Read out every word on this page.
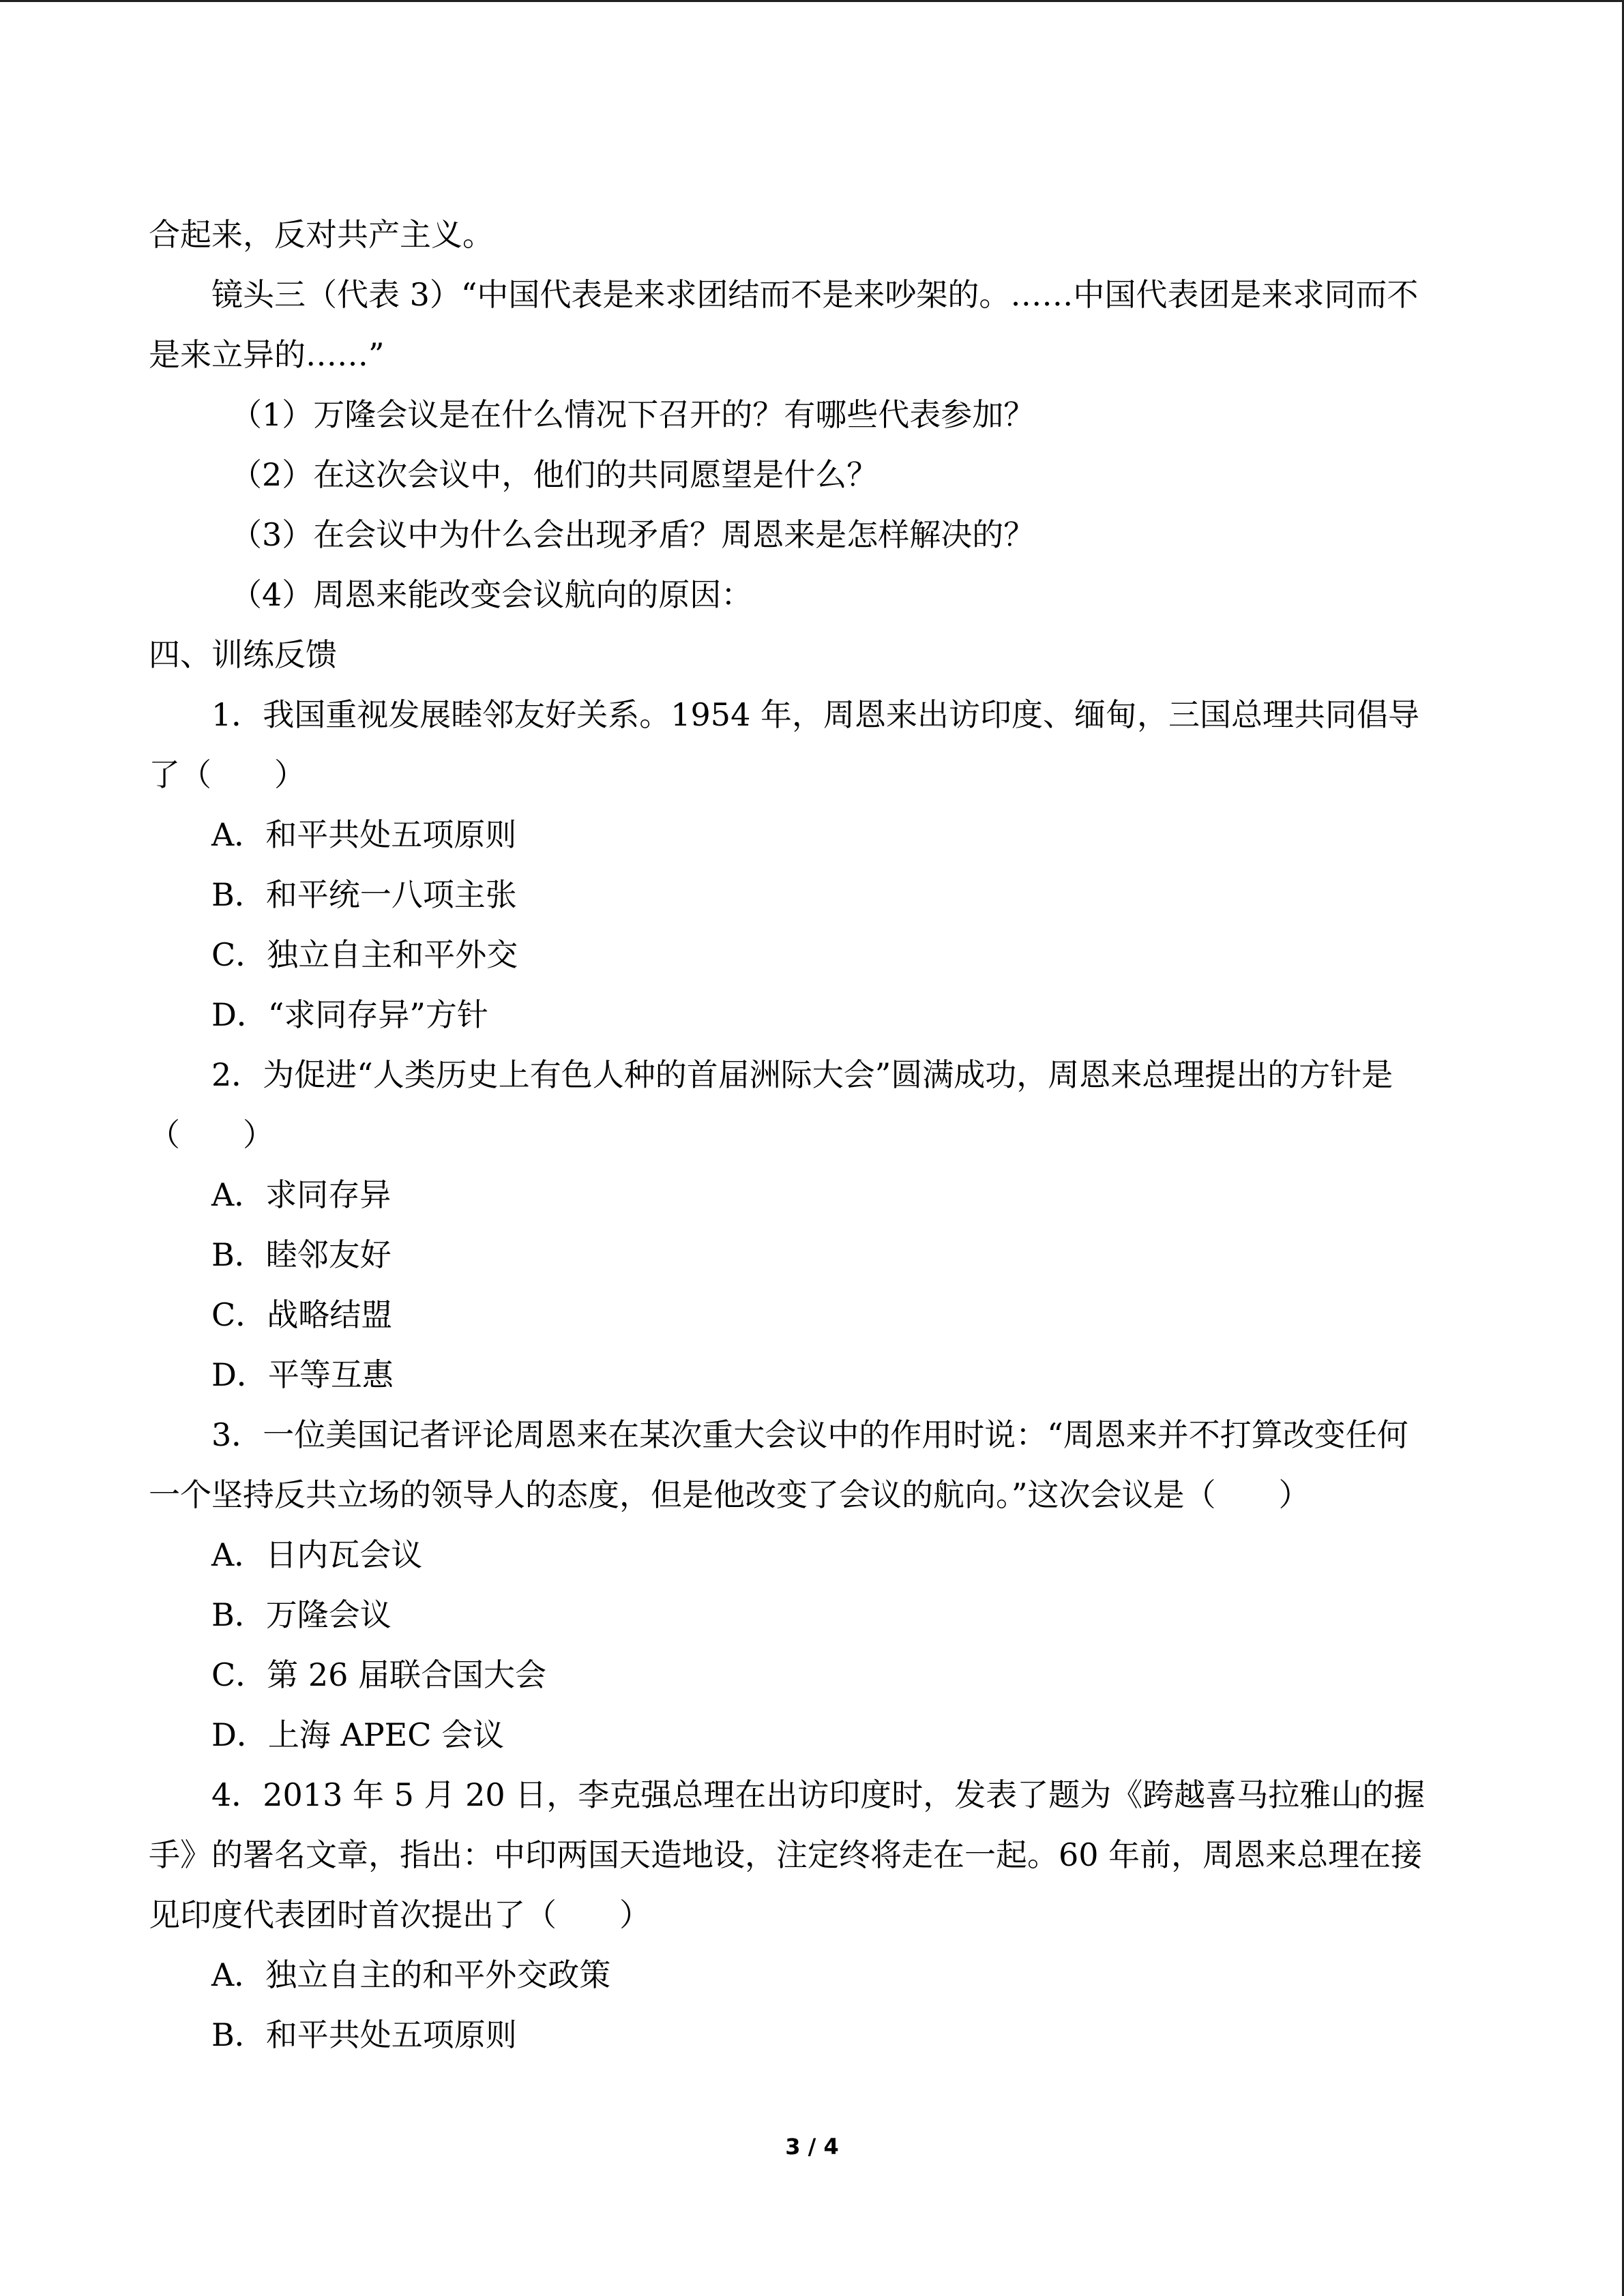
合起来，反对共产主义。
镜头三（代表 3）“中国代表是来求团结而不是来吵架的。……中国代表团是来求同而不
是来立异的……”
（1）万隆会议是在什么情况下召开的？有哪些代表参加？
（2）在这次会议中，他们的共同愿望是什么？
（3）在会议中为什么会出现矛盾？周恩来是怎样解决的？
（4）周恩来能改变会议航向的原因：
四、训练反馈
1．我国重视发展睦邻友好关系。1954 年，周恩来出访印度、缅甸，三国总理共同倡导
了（　　）
A．和平共处五项原则
B．和平统一八项主张
C．独立自主和平外交
D．“求同存异”方针
2．为促进“人类历史上有色人种的首届洲际大会”圆满成功，周恩来总理提出的方针是
（　　）
A．求同存异
B．睦邻友好
C．战略结盟
D．平等互惠
3．一位美国记者评论周恩来在某次重大会议中的作用时说：“周恩来并不打算改变任何
一个坚持反共立场的领导人的态度，但是他改变了会议的航向。”这次会议是（　　）
A．日内瓦会议
B．万隆会议
C．第 26 届联合国大会
D．上海 APEC 会议
4．2013 年 5 月 20 日，李克强总理在出访印度时，发表了题为《跨越喜马拉雅山的握
手》的署名文章，指出：中印两国天造地设，注定终将走在一起。60 年前，周恩来总理在接
见印度代表团时首次提出了（　　）
A．独立自主的和平外交政策
B．和平共处五项原则
3 / 4
